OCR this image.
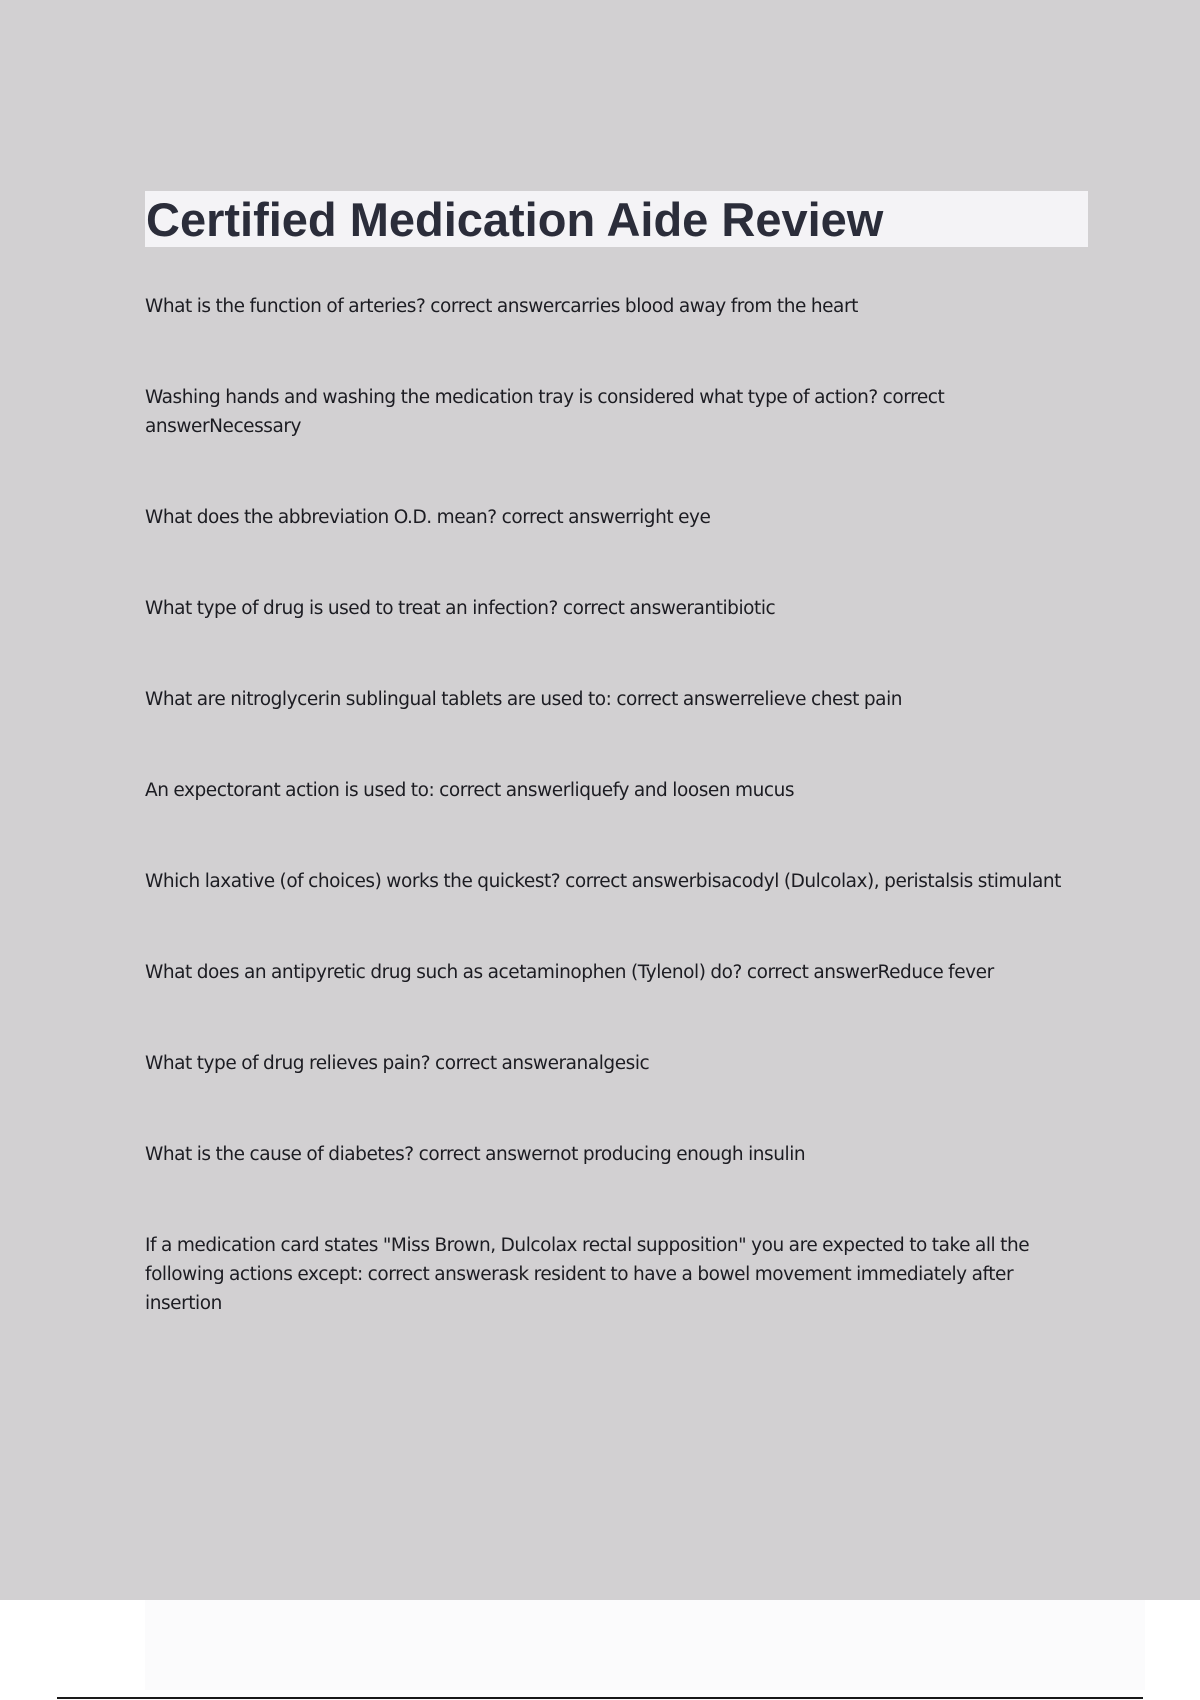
Certified Medication Aide Review
What is the function of arteries? correct answercarries blood away from the heart
Washing hands and washing the medication tray is considered what type of action? correct answerNecessary
What does the abbreviation O.D. mean? correct answerright eye
What type of drug is used to treat an infection? correct answerantibiotic
What are nitroglycerin sublingual tablets are used to: correct answerrelieve chest pain
An expectorant action is used to: correct answerliquefy and loosen mucus
Which laxative (of choices) works the quickest? correct answerbisacodyl (Dulcolax), peristalsis stimulant
What does an antipyretic drug such as acetaminophen (Tylenol) do? correct answerReduce fever
What type of drug relieves pain? correct answeranalgesic
What is the cause of diabetes? correct answernot producing enough insulin
If a medication card states "Miss Brown, Dulcolax rectal supposition" you are expected to take all the following actions except: correct answerask resident to have a bowel movement immediately after insertion
